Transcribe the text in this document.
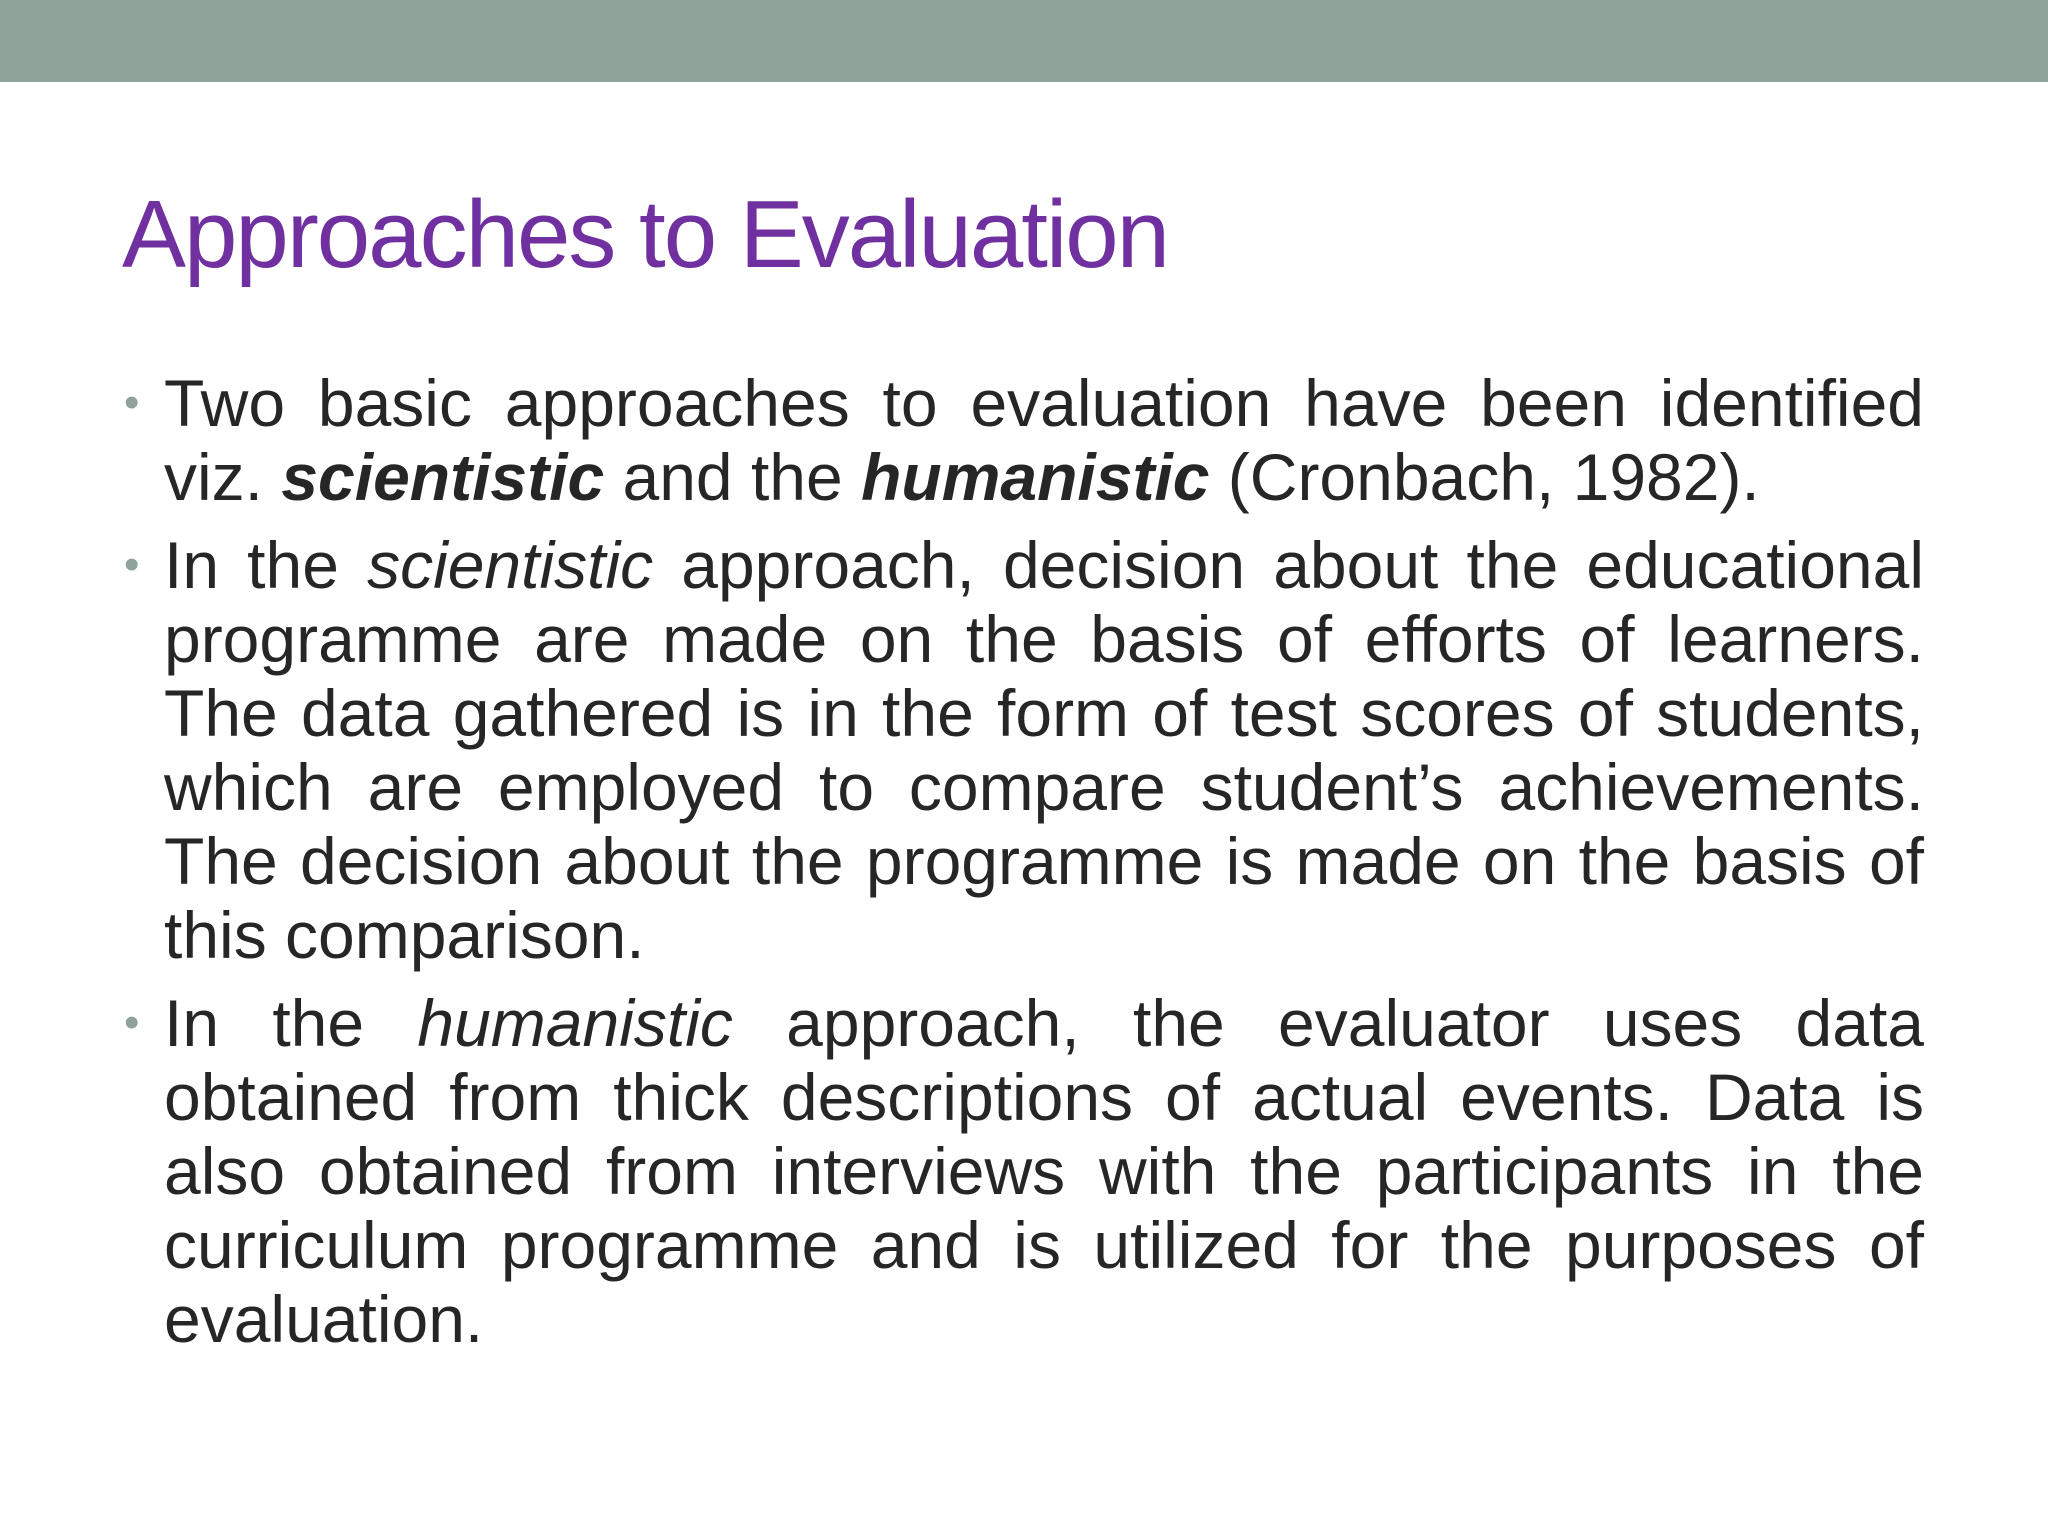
Approaches to Evaluation
• Two basic approaches to evaluation have been identified viz. scientistic and the humanistic (Cronbach, 1982).
• In the scientistic approach, decision about the educational programme are made on the basis of efforts of learners. The data gathered is in the form of test scores of students, which are employed to compare student’s achievements. The decision about the programme is made on the basis of this comparison.
• In the humanistic approach, the evaluator uses data obtained from thick descriptions of actual events. Data is also obtained from interviews with the participants in the curriculum programme and is utilized for the purposes of evaluation.
